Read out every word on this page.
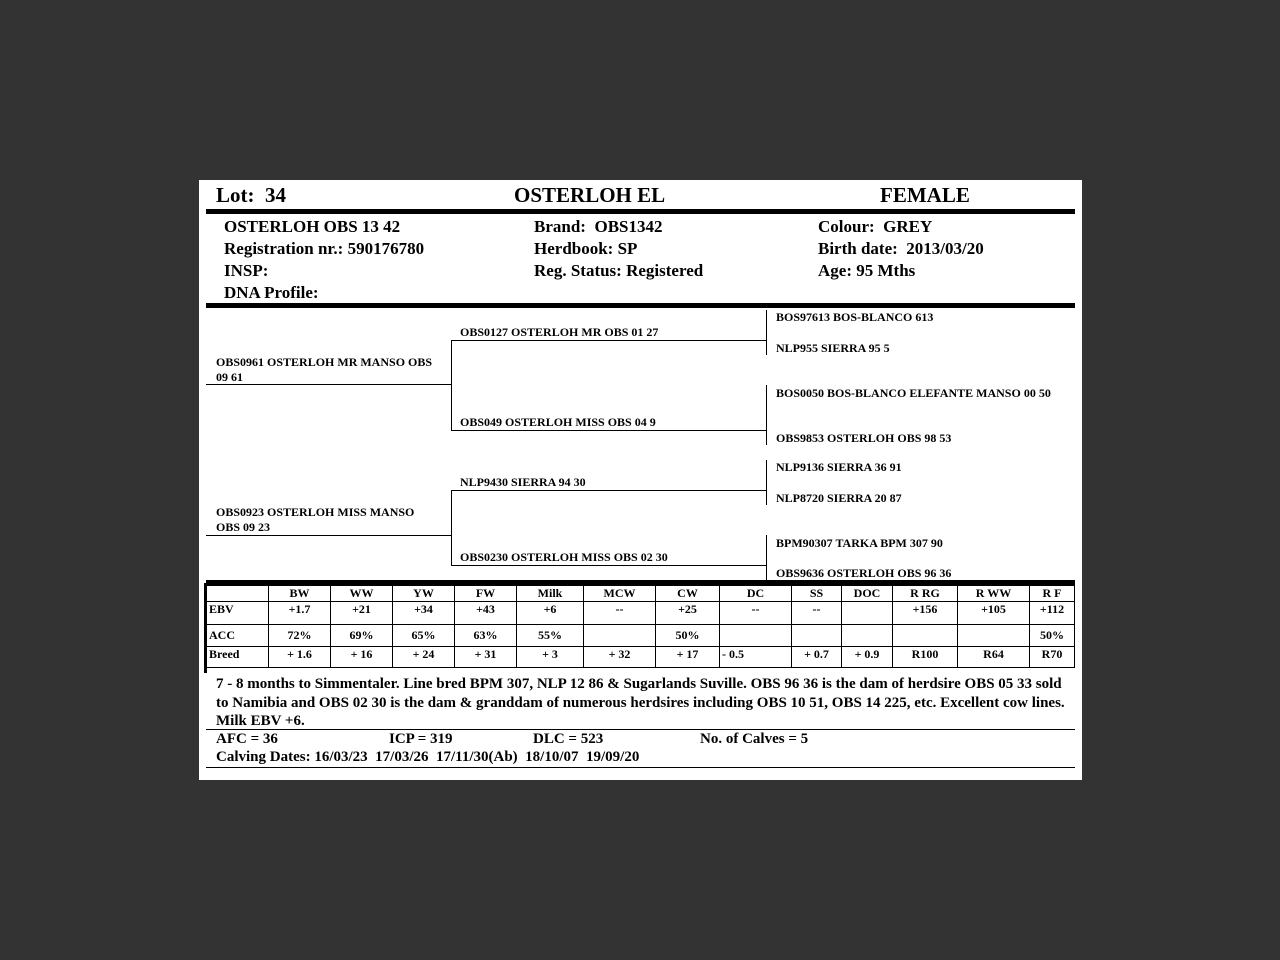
Lot: 34	OSTERLOH EL	FEMALE
OSTERLOH OBS 13 42
Registration nr.: 590176780
INSP:
DNA Profile:
Brand: OBS1342
Herdbook: SP
Reg. Status: Registered
Colour: GREY
Birth date: 2013/03/20
Age: 95 Mths
OBS0961 OSTERLOH MR MANSO OBS 09 61
OBS0923 OSTERLOH MISS MANSO OBS 09 23
OBS0127 OSTERLOH MR OBS 01 27
OBS049 OSTERLOH MISS OBS 04 9
NLP9430 SIERRA 94 30
OBS0230 OSTERLOH MISS OBS 02 30
BOS97613 BOS-BLANCO 613
NLP955 SIERRA 95 5
BOS0050 BOS-BLANCO ELEFANTE MANSO 00 50
OBS9853 OSTERLOH OBS 98 53
NLP9136 SIERRA 36 91
NLP8720 SIERRA 20 87
BPM90307 TARKA BPM 307 90
OBS9636 OSTERLOH OBS 96 36
	BW	WW	YW	FW	Milk	MCW	CW	DC	SS	DOC	R RG	R WW	R F
EBV	+1.7	+21	+34	+43	+6	--	+25	--	--		+156	+105	+112
ACC	72%	69%	65%	63%	55%		50%						50%
Breed	+ 1.6	+ 16	+ 24	+ 31	+ 3	+ 32	+ 17	- 0.5	+ 0.7	+ 0.9	R100	R64	R70
7 - 8 months to Simmentaler. Line bred BPM 307, NLP 12 86 & Sugarlands Suville. OBS 96 36 is the dam of herdsire OBS 05 33 sold to Namibia and OBS 02 30 is the dam & granddam of numerous herdsires including OBS 10 51, OBS 14 225, etc. Excellent cow lines. Milk EBV +6.
AFC = 36	ICP = 319	DLC = 523	No. of Calves = 5
Calving Dates: 16/03/23  17/03/26  17/11/30(Ab)  18/10/07  19/09/20
